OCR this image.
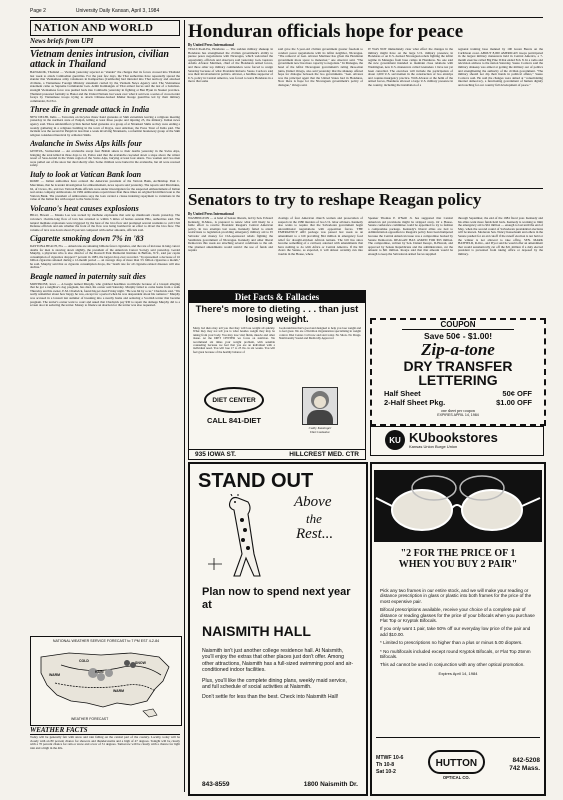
Page 2	University Daily Kansan, April 3, 1984
NATION AND WORLD
News briefs from UPI
Vietnam denies intrusion, civilian attack in Thailand
BANGKOK, Thailand — Vietnam yesterday rejected as "slander" the charges that its forces crossed into Thailand last week to attack Cambodian guerrillas. For the past few days, the Thai authorities have repeatedly spread the slander that Vietnamese army volunteers in Kampuchea (Cambodia) had intruded into Thai territory and attacked civilians, a Vietnamese Foreign Ministry statement carried by the Vietnam News Agency said. The Vietnamese statement came as Supreme Commander Gen. Arthit Kamlangek of Thai armed forces said the last of a battalion-strength Vietnamese force was pushed back into Cambodia yesterday in fighting at Ban Hyun in Sisaket province. Thailand protested formally to Hanoi and the United Nations last week over what it said was a series of cross-border forays by Vietnamese troops trying to attack Chinese-backed Khmer Rouge guerrillas led by their military commander, Pol Pot.
Three die in grenade attack in India
NEW DELHI, India — Terrorists on bicycles threw hand grenades at Sikh extremists leaving a religious meeting yesterday in the northern state of Punjab, killing at least three people and injuring 25, the ministry. Indian news agency said. Three unidentified cyclists hurled hand grenades at a group of at Nirankari Sikhs as they were ending a weekly gathering in a religious building in the town of Rayya, near Amritsar, the Press Trust of India said. The incident was the second in Punjab in less than a week involving Nirankaris, a reformist breakaway group of the Sikh religion considered heretical by orthodox Sikhs.
Avalanche in Swiss Alps kills four
GENEVA, Switzerland — An avalanche swept four British skiers to their deaths yesterday in the Swiss Alps, bringing the total killed in three days to 16. Police said that the avalanche cascaded down a slope above the winter resort of Saas-Grund in the Valais region of the Swiss Alps, burying at least four skiers. Two women and two men were pulled out of the snow but died shortly after. Some children were buried in the avalanche, but all were rescued safely.
Italy to look at Vatican Bank loan
ROME — Italian authorities have ordered the American president of the Vatican Bank, Archbishop Paul C. Marcinkus, that he is under investigation for embezzlement, news reports said yesterday. The reports said Marcinkus, 62, of Cicero, Ill., and two Vatican Bank officials were under investigation for the suspected embezzlement of Italian real estate company Ambrosiano. In 1982 Ambrosiano repaid more than three times an original $4 million loan to the Vatican Bank. The president of Ambrosiano says the loan carried a clause indexing repayment to variations in the value of the Italian lira with respect to the Swiss franc.
Volcano's heat causes explosions
HILO, Hawaii — Mauna Loa was rocked by methane explosions that sent up mushroom clouds yesterday. The volcano's 16-mile-long flow of lava has returned to within 5 miles of homes outside Hilo, authorities said. The natural methane explosions were triggered by the heat of the lava flow and prompted several residents to call Civil Defense officials and ask whether the front of the flow was being bombed in an effort to divert the lava flow. The volume of lava was down about 25 percent compared with earlier amounts, officials said.
Cigarette smoking down 7% in '83
DAYTONA BEACH, Fla. — Americans are smoking billions fewer cigarettes, and the rate of increase in lung cancer deaths for men is slowing down slightly, the president of the American Cancer Society said yesterday. Gerald Murphy, a physician who is also director of the Roswell Park Memorial Institute in Buffalo, N.Y., said per capita consumption of cigarettes dropped 7 percent in 1983, the largest drop ever recorded. "It represented a decrease of 16 billion cigarettes smoked during a 12-month period — an average drop of more than 3½ billion cigarettes a month," he said. Murphy said that as cigarette consumption drops, the "death rate for all cigarette-related diseases will also decline."
Beagle named in paternity suit dies
MONTROSE, Iowa — A beagle named Murphy, who grabbed headlines worldwide because of a lawsuit alleging that he got a neighbor's dog pregnant, has died, his owner said Saturday. Murphy failed to come home from a walk Thursday and his owner, E.M. Chadwick, found his pet dead Friday night. "He was hit by a car," Chadwick said. "We really remember about how happy he was, except for a period when he was despondent about his romance." Murphy was accused in a lawsuit last summer of breaking into a nearby home and seducing a Scottish terrier that became pregnant. The terrier's owner went to court and asked that Chadwick pay $30 to repair the damage Murphy did to a screen door in seducing the terrier. Money to finance an abortion for the terrier was also requested.
NATIONAL WEATHER SERVICE FORECAST to 7 PM EST 4-2-84
WARM
COLD
WARM
RAIN
SNOW
WEATHER FORECAST
WEATHER FACTS
Today will be generally fair with snow and rain falling on the central part of the country. Locally, today will be cloudy with an 80 percent chance for showers and thunderstorms and a high of 47 degrees. Tonight will be cloudy with a 70 percent chance for rain or snow and a low of 31 degrees. Tomorrow will be cloudy with a chance for light rain and a high in the 40s.
Honduran officials hope for peace
By United Press International
TEGUCIGALPA, Honduras — The sudden military shakeup in Honduras has strengthened the civilian government's ability to pursue peace negotiations with Nicaragua, which welcomed the opportunity, officials and observers said yesterday. Gen. Gustavo Adolfo Alvarez Martinez, chief of the Honduran armed forces, and three other top military commanders were forced to resign Saturday because of what President Roberto Suazo Cordova said was their involvement in politics. Alvarez, a hardline supporter of U.S. policy in Central America, was forced to leave Honduras in a move that some
said gave the 3-year-old civilian government greater freedom to conduct peace negotiations with its leftist neighbor, Nicaragua. "The removal of Gen. Alvarez Martinez has given the Honduran government more space to maneuver," one observer said. "The government now has more capacity to negotiate." In Managua, the head of the leftist Nicaraguan government's ruling three-man junta, Daniel Ortega, also said yesterday that the shakeup offered hope for dialogue between the two governments. "Gen. Alvarez was the principal agent that the United States had in Honduras. Now there is hope for the Nicaraguan government's policy of dialogue," Ortega said.
IT WAS NOT immediately clear what effect the changes in the military might have on the large U.S. military presence in Honduras or on U.S.-backed Nicaraguan rebels fighting the leftist regime in Managua from base camps in Honduras. No one said the new government intended to maintain close relations with Washington, new U.S. maneuvers called Grenadero 1 have not yet been cancelled. The exercises will include the participation of about 1,000 U.S. servicemen in the construction of two airstrips and counter-insurgency practice. With Alvarez at the helm of the armed forces, Honduras allowed a large U.S. military presence in the country, including the installation of a
regional training base manned by 100 Green Berets on the Caribbean coast. ABOUT 8,000 AMERICAN troops participated in the largest military maneuvers held in Central America, a 7-month exercise called Big Pine II that ended Feb. 8. In a radio and television address to the nation Saturday, Suazo Cordova said the military shakeup was aimed at getting the military out of politics and strengthening the authority of the civilian government. "The military should not dip their hands in political affairs," Suazo Cordova said. He said the changes were aimed at "consolidating internal democracy, a functioning government of human dignity and reaching for our country full development of peace."
Senators to try to reshape Reagan policy
By United Press International
WASHINGTON — A band of Senate liberals, led by Sen. Edward Kennedy, D-Mass., is prepared to renew what will likely be a futile effort to rewrite President Reagan's Central American policy. In two attempts last week, Kennedy failed to attach restrictions to legislation providing emergency military aid to El Salvador and money for CIA-sponsored rebels fighting the Sandinista government of Nicaragua. Kennedy and other liberal Democrats this week are attaching several conditions to the aid. The planned amendments would restrict the use of funds and require
closings of four American church women and prosecution of suspects in the 1980 murders of two U.S. labor advisers. Kennedy also wants to require that the Salvadoran government begin unconditional negotiations with opposition forces. THE EMERGENCY AID package was passed last week as an amendment to a bill providing $94 million in emergency food relief for drought-stricken African nations. The bill has since become something of a cartload, adorned with amendments that have nothing to do with Africa or Central America. If the bill clears the Senate, as expected, it will almost certainly run into trouble in the House, where
Speaker Thomas P. O'Neill Jr. has suggested that Central American aid provisions might be stripped away. Or a House-Senate conference committee could be appointed to try to fashion a compromise package. Kennedy's liberal allies are tied to Administration opposition to Reagan's policy have been hampered because the Central American issue was a compromise backed by Senate Democrats. REAGAN HAS ASKED FOR $93 million. The compromise, written by Sen. Daniel Inouye, D-Hawaii, and approved by Senate Republicans and the administration, cut the amount to $61 million. Inouye said that that amount would be enough to keep the Salvadoran armed forces supplied
through September, the end of the 1984 fiscal year. Kennedy and his allies want more funds held back. Kennedy is working to limit the emergency aid to $61 million — enough to last until the end of May, when the second round of Salvadoran presidential elections will be known. Moderate Sen. Nancy Kassebaum and others in the Senate pushed for an aid cutoff if the runoff election is not held or the winner is not allowed to take office. SEN. MARK HATFIELD, R-Ore., and Pryor said he would offer an amendment that would automatically cut off the $21 million if a duly elected president is prevented from taking office or deposed by the military.
Diet Facts & Fallacies
There's more to dieting . . . than just losing weight.
Many fad diets may tell you that they will lose weight all quickly. What they may not tell you is what besides weight they may be taking from your body. You may lose vital fluids, muscle and other tissue. At the DIET CENTER we focus on nutrition. We recommend six times your weight problem, with sensible counseling because we feel that you are an individual with a individual need. You will lose 17 to 25 lbs. in six weeks. You will feel great because of the healthy balance of
foods nutrition that's good and designed to help you lose weight and to feel great. We are a Nutrition Organization specializing in weight control. Diet Center. Call now and start today. No Shots. No Drugs. Nutritionally Sound and Medically Approved
DIET CENTER
CALL 841-DIET
Cathy Kassinger
Diet Counselor
935 IOWA ST.	HILLCREST MED. CTR
COUPON
Save 50¢ - $1.00!
Zip-a-tone
DRY TRANSFER
LETTERING
Half Sheet	50¢ OFF
2-Half Sheet Pkg.	$1.00 OFF
one sheet per coupon
EXPIRES APRIL 14, 1984
KU KUbookstores
Kansas Union Burge Union
STAND OUT
Above
the
Rest...
Plan now to spend next year at
NAISMITH HALL

Naismith isn't just another college residence hall. At Naismith, you'll enjoy the extras that other places just don't offer. Among other attractions, Naismith has a full-sized swimming pool and air-conditioned indoor facilities.

Plus, you'll like the complete dining plans, weekly maid service, and full schedule of social activities at Naismith.

Don't settle for less than the best. Check into Naismith Hall!

843-8559	1800 Naismith Dr.
"2 FOR THE PRICE OF 1 WHEN YOU BUY 2 PAIR"

Pick any two frames in our entire stock, and we will make your reading or distance prescription in glass or plastic into both frames for the price of the most expensive pair.

Bifocal prescriptions available, receive your choice of a complete pair of distance or reading glasses for the price of your bifocals when you purchase Flat Top or Kryptok Bifocals.

If you only want 1 pair, take 50% off our everyday low price of the pair and add $10.00.

* Limited to prescriptions no higher than a plus or minus 5.00 diopters.

* No multifocals included except round Kryptok Bifocals, or Flat Top 25mm Bifocals.

This ad cannot be used in conjunction with any other optical promotion.

Expires April 14, 1984

MTWF 10-6
Th 10-8
Sat 10-2
HUTTON
OPTICAL CO.
842-5208
742 Mass.
